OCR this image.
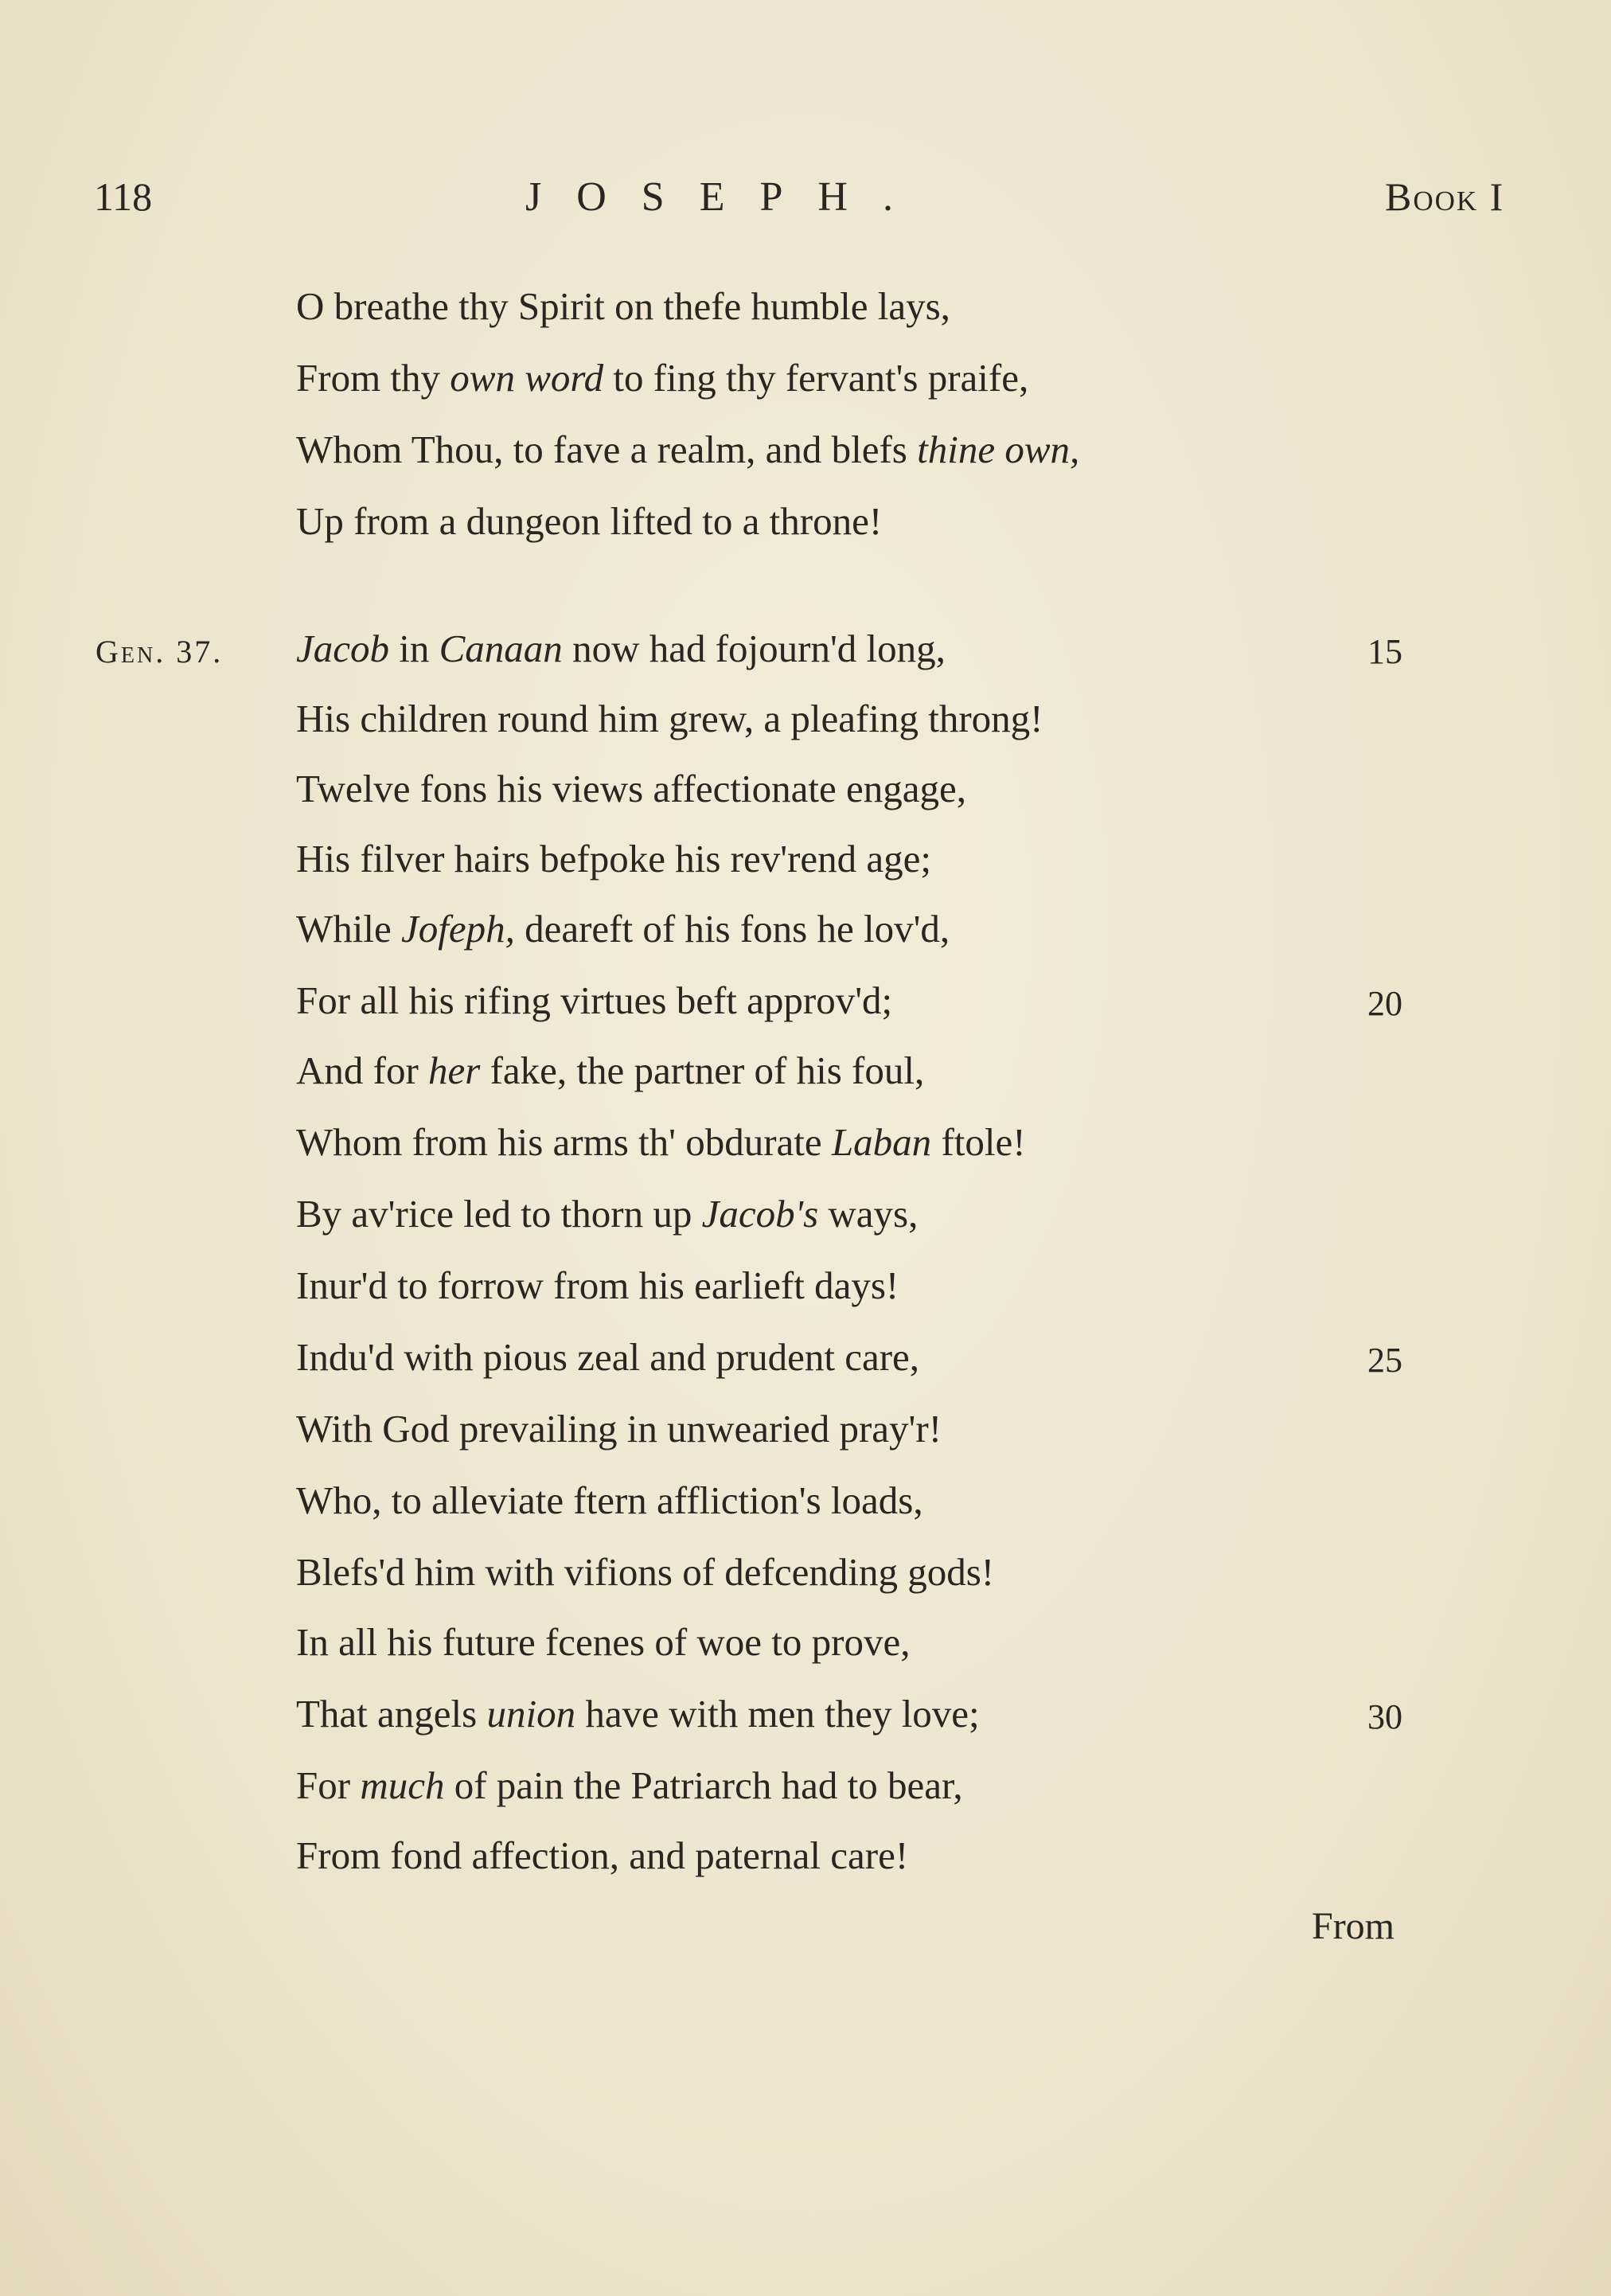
118	JOSEPH.	Book I
Gen. 37.
O breathe thy Spirit on thefe humble lays,
From thy own word to fing thy fervant's praife,
Whom Thou, to fave a realm, and blefs thine own,
Up from a dungeon lifted to a throne!
Jacob in Canaan now had fojourn'd long,
His children round him grew, a pleafing throng!
Twelve fons his views affectionate engage,
His filver hairs befpoke his rev'rend age;
While Jofeph, deareft of his fons he lov'd,
For all his rifing virtues beft approv'd;
And for her fake, the partner of his foul,
Whom from his arms th' obdurate Laban ftole!
By av'rice led to thorn up Jacob's ways,
Inur'd to forrow from his earlieft days!
Indu'd with pious zeal and prudent care,
With God prevailing in unwearied pray'r!
Who, to alleviate ftern affliction's loads,
Blefs'd him with vifions of defcending gods!
In all his future fcenes of woe to prove,
That angels union have with men they love;
For much of pain the Patriarch had to bear,
From fond affection, and paternal care!
15
20
25
30
From
